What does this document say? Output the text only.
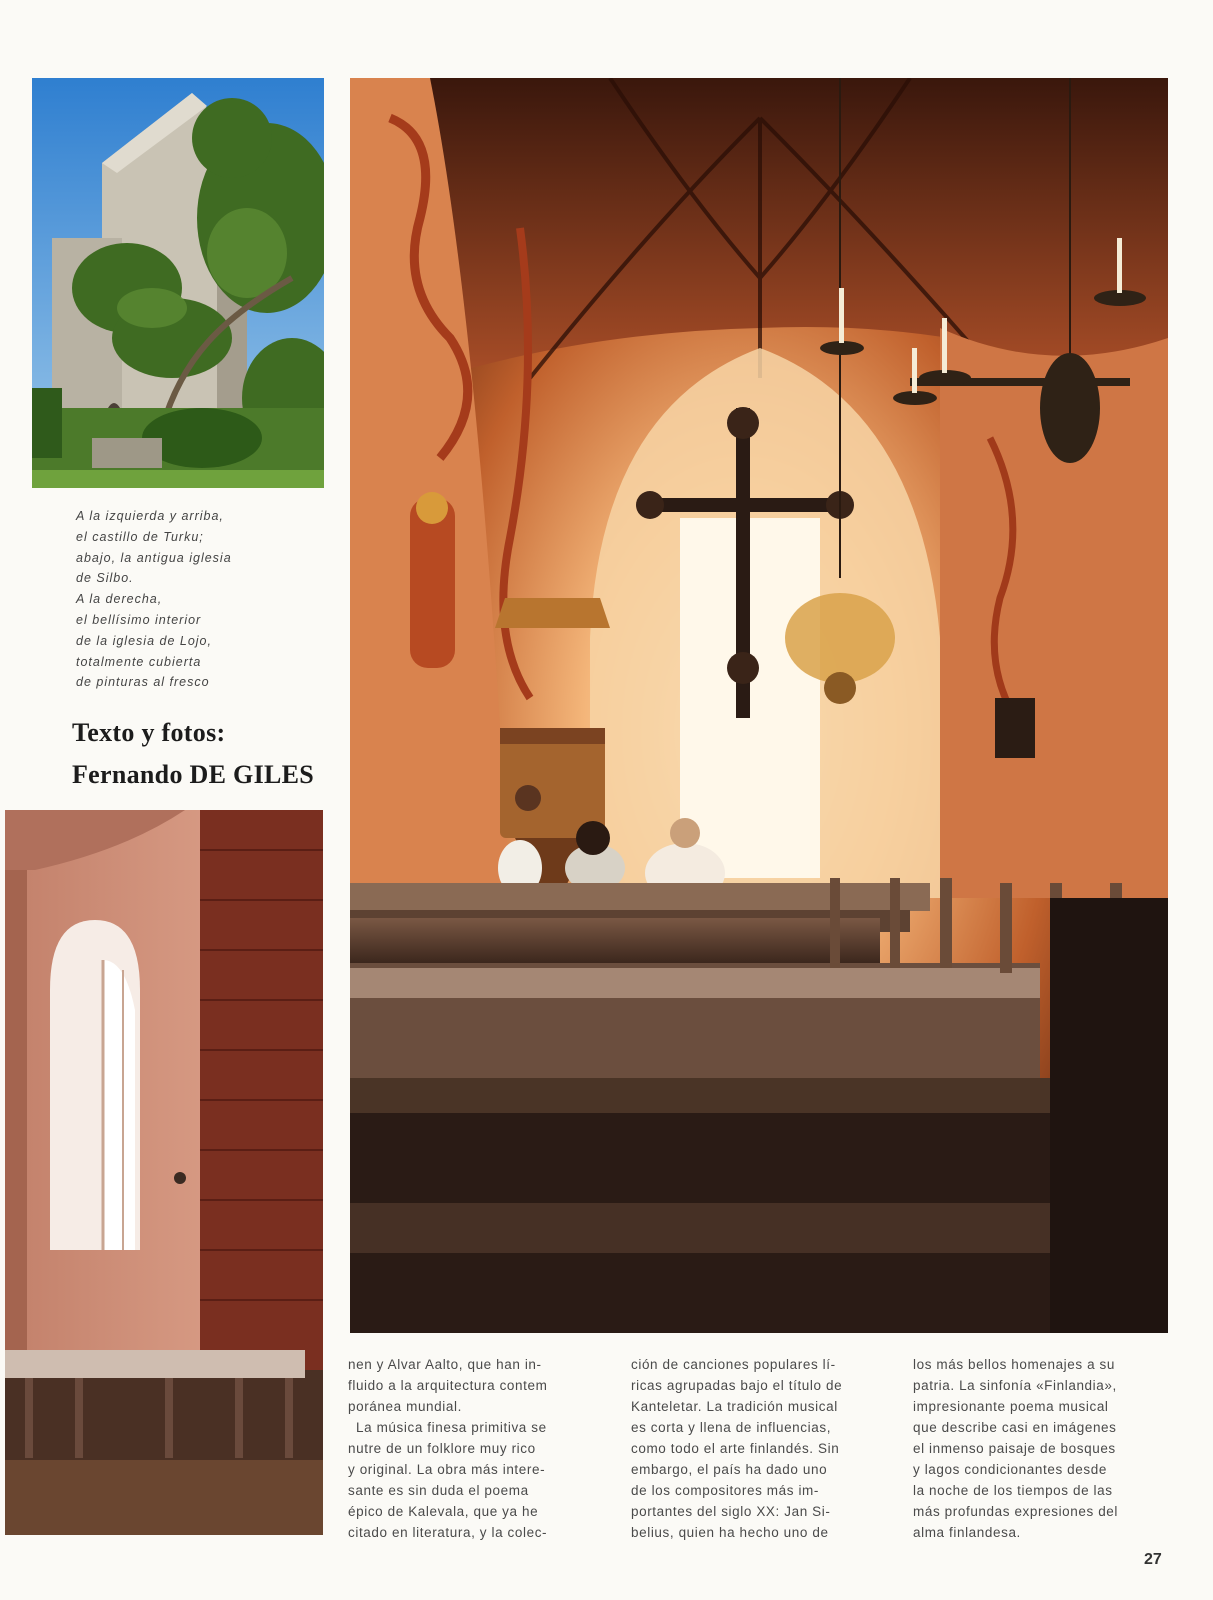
A la izquierda y arriba,
el castillo de Turku;
abajo, la antigua iglesia
de Silbo.
A la derecha,
el bellísimo interior
de la iglesia de Lojo,
totalmente cubierta
de pinturas al fresco
Texto y fotos:
Fernando DE GILES
nen y Alvar Aalto, que han in-
fluido a la arquitectura contem
poránea mundial.
La música finesa primitiva se
nutre de un folklore muy rico
y original. La obra más intere-
sante es sin duda el poema
épico de Kalevala, que ya he
citado en literatura, y la colec-
ción de canciones populares lí-
ricas agrupadas bajo el título de
Kanteletar. La tradición musical
es corta y llena de influencias,
como todo el arte finlandés. Sin
embargo, el país ha dado uno
de los compositores más im-
portantes del siglo XX: Jan Si-
belius, quien ha hecho uno de
los más bellos homenajes a su
patria. La sinfonía «Finlandia»,
impresionante poema musical
que describe casi en imágenes
el inmenso paisaje de bosques
y lagos condicionantes desde
la noche de los tiempos de las
más profundas expresiones del
alma finlandesa.
27
